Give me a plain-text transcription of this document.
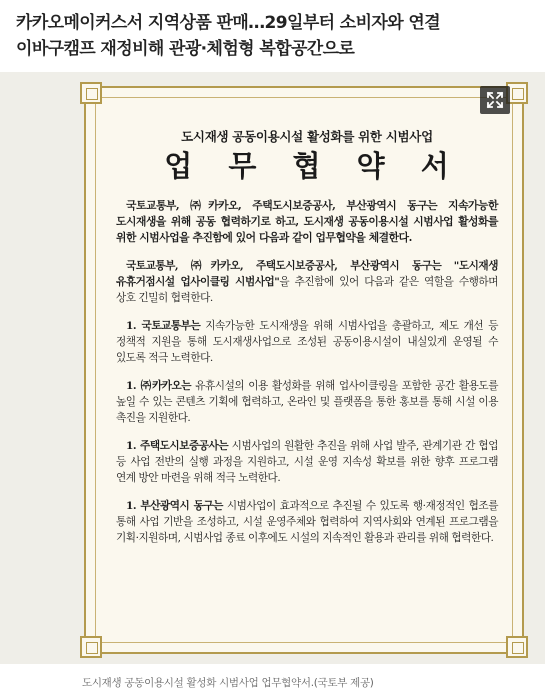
카카오메이커스서 지역상품 판매…29일부터 소비자와 연결
이바구캠프 재정비해 관광·체험형 복합공간으로
도시재생 공동이용시설 활성화를 위한 시범사업
업 무 협 약 서

국토교통부, ㈜카카오, 주택도시보증공사, 부산광역시 동구는 지속가능한 도시재생을 위해 공동 협력하기로 하고, 도시재생 공동이용시설 시범사업 활성화를 위한 시범사업을 추진함에 있어 다음과 같이 업무협약을 체결한다.

국토교통부, ㈜카카오, 주택도시보증공사, 부산광역시 동구는 "도시재생 유휴거점시설 업사이클링 시범사업"을 추진함에 있어 다음과 같은 역할을 수행하며 상호 긴밀히 협력한다.

1. 국토교통부는 지속가능한 도시재생을 위해 시범사업을 총괄하고, 제도 개선 등 정책적 지원을 통해 도시재생사업으로 조성된 공동이용시설이 내실있게 운영될 수 있도록 적극 노력한다.

1. ㈜카카오는 유휴시설의 이용 활성화를 위해 업사이클링을 포함한 공간 활용도를 높일 수 있는 콘텐츠 기획에 협력하고, 온라인 및 플랫폼을 통한 홍보를 통해 시설 이용 촉진을 지원한다.

1. 주택도시보증공사는 시범사업의 원활한 추진을 위해 사업 발주, 관계기관 간 협업 등 사업 전반의 실행 과정을 지원하고, 시설 운영 지속성 확보를 위한 향후 프로그램 연계 방안 마련을 위해 적극 노력한다.

1. 부산광역시 동구는 시범사업이 효과적으로 추진될 수 있도록 행·재정적인 협조를 통해 사업 기반을 조성하고, 시설 운영주체와 협력하여 지역사회와 연계된 프로그램을 기획·지원하며, 시범사업 종료 이후에도 시설의 지속적인 활용과 관리를 위해 협력한다.

도시재생 공동이용시설 활성화 시범사업 업무협약서.(국토부 제공)
